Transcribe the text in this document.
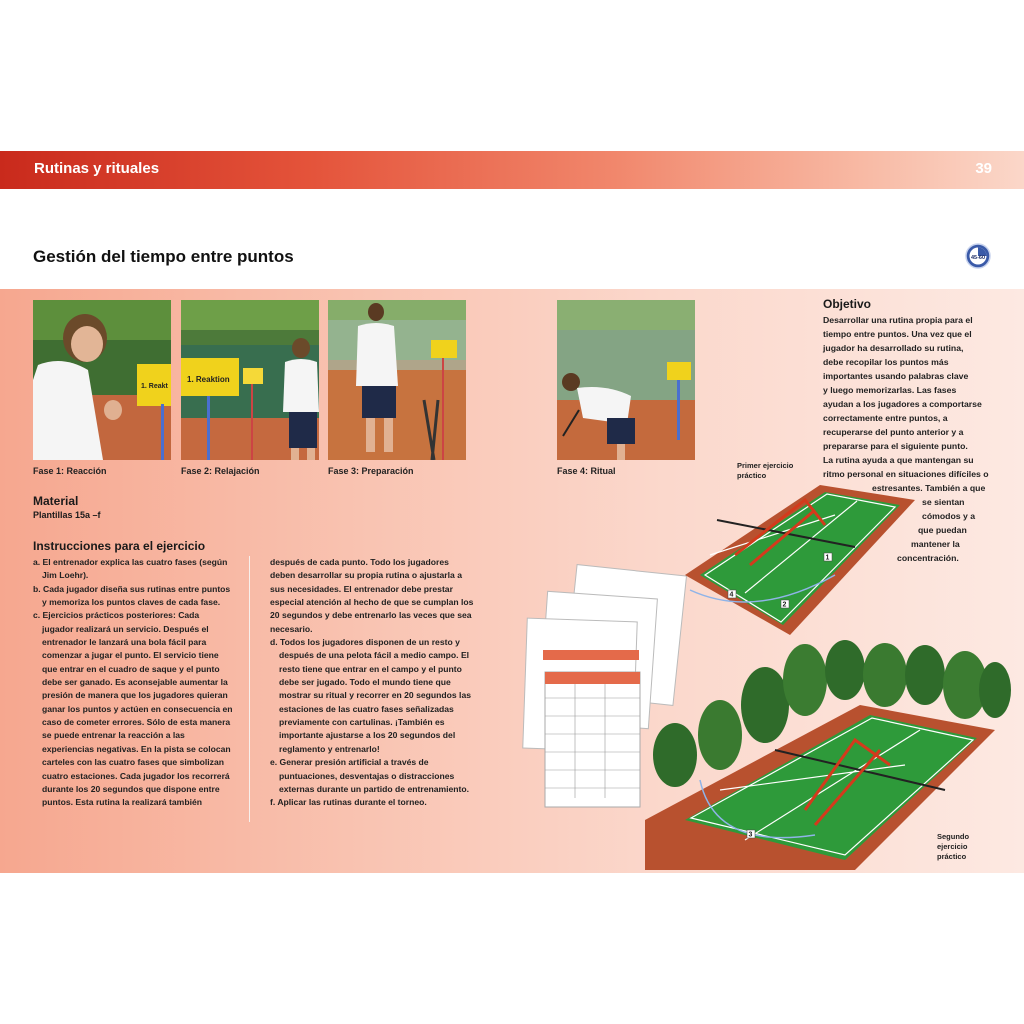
Rutinas y rituales	39
Gestión del tiempo entre puntos	45-60
1. Reakt
1. Reaktion
Fase 1: Reacción	Fase 2: Relajación	Fase 3: Preparación	Fase 4: Ritual
Material
Plantillas 15a –f
Instrucciones para el ejercicio

a. El entrenador explica las cuatro fases (según Jim Loehr).

b. Cada jugador diseña sus rutinas entre puntos y memoriza los puntos claves de cada fase.

c. Ejercicios prácticos posteriores: Cada jugador realizará un servicio. Después el entrenador le lanzará una bola fácil para comenzar a jugar el punto. El servicio tiene que entrar en el cuadro de saque y el punto debe ser ganado. Es aconsejable aumentar la presión de manera que los jugadores quieran ganar los puntos y actúen en consecuencia en caso de cometer errores. Sólo de esta manera se puede entrenar la reacción a las experiencias negativas. En la pista se colocan carteles con las cuatro fases que simbolizan cuatro estaciones. Cada jugador los recorrerá durante los 20 segundos que dispone entre puntos. Esta rutina la realizará también

después de cada punto. Todo los jugadores deben desarrollar su propia rutina o ajustarla a sus necesidades. El entrenador debe prestar especial atención al hecho de que se cumplan los 20 segundos y debe entrenarlo las veces que sea necesario.

d. Todos los jugadores disponen de un resto y después de una pelota fácil a medio campo. El resto tiene que entrar en el campo y el punto debe ser jugado. Todo el mundo tiene que mostrar su ritual y recorrer en 20 segundos las estaciones de las cuatro fases señalizadas previamente con cartulinas. ¡También es importante ajustarse a los 20 segundos del reglamento y entrenarlo!

e. Generar presión artificial a través de puntuaciones, desventajas o distracciones externas durante un partido de entrenamiento.

f. Aplicar las rutinas durante el torneo.

1
2
3
4
Primer ejercicio práctico
Segundo ejercicio práctico
Objetivo
Desarrollar una rutina propia para el
tiempo entre puntos. Una vez que el
jugador ha desarrollado su rutina,
debe recopilar los puntos más
importantes usando palabras clave
y luego memorizarlas. Las fases
ayudan a los jugadores a comportarse
correctamente entre puntos, a
recuperarse del punto anterior y a
prepararse para el siguiente punto.
La rutina ayuda a que mantengan su
ritmo personal en situaciones difíciles o
estresantes. También a que
se sientan
cómodos y a
que puedan
mantener la
concentración.
